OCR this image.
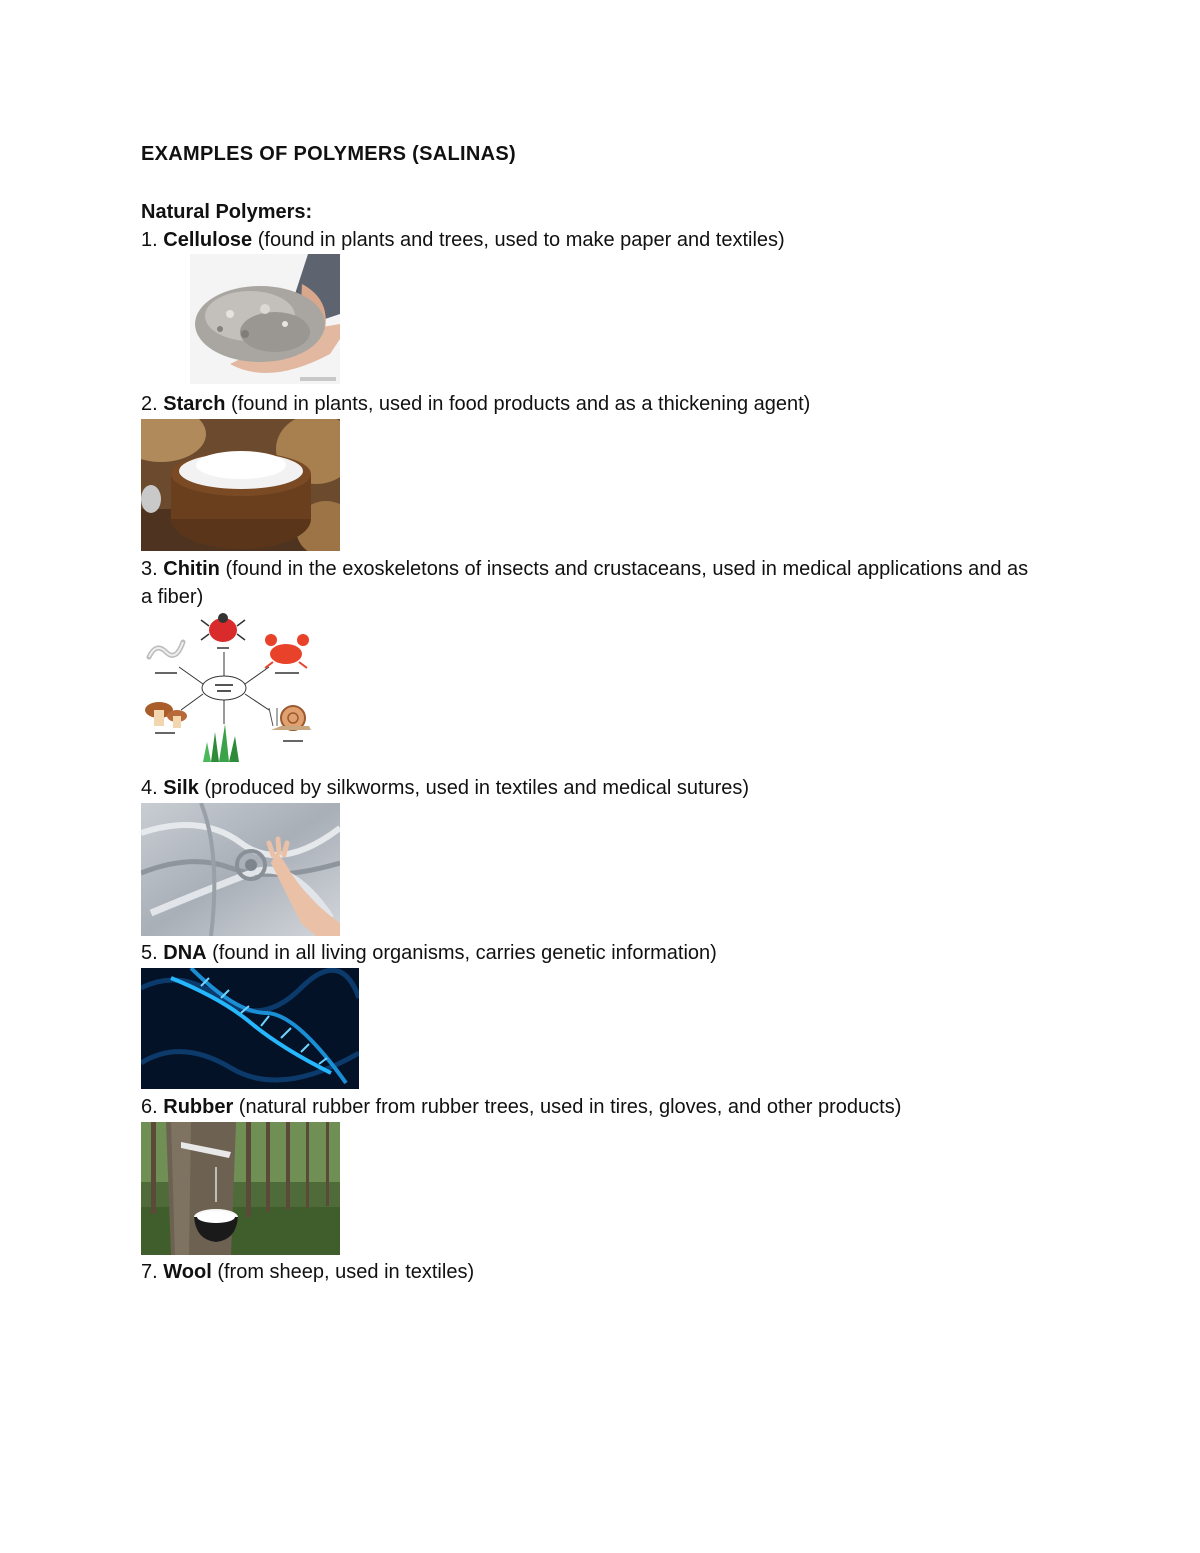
EXAMPLES OF POLYMERS (SALINAS)
Natural Polymers:

1. Cellulose (found in plants and trees, used to make paper and textiles)

2. Starch (found in plants, used in food products and as a thickening agent)

3. Chitin (found in the exoskeletons of insects and crustaceans, used in medical applications and as a fiber)

4. Silk (produced by silkworms, used in textiles and medical sutures)

5. DNA (found in all living organisms, carries genetic information)

6. Rubber (natural rubber from rubber trees, used in tires, gloves, and other products)

7. Wool (from sheep, used in textiles)
